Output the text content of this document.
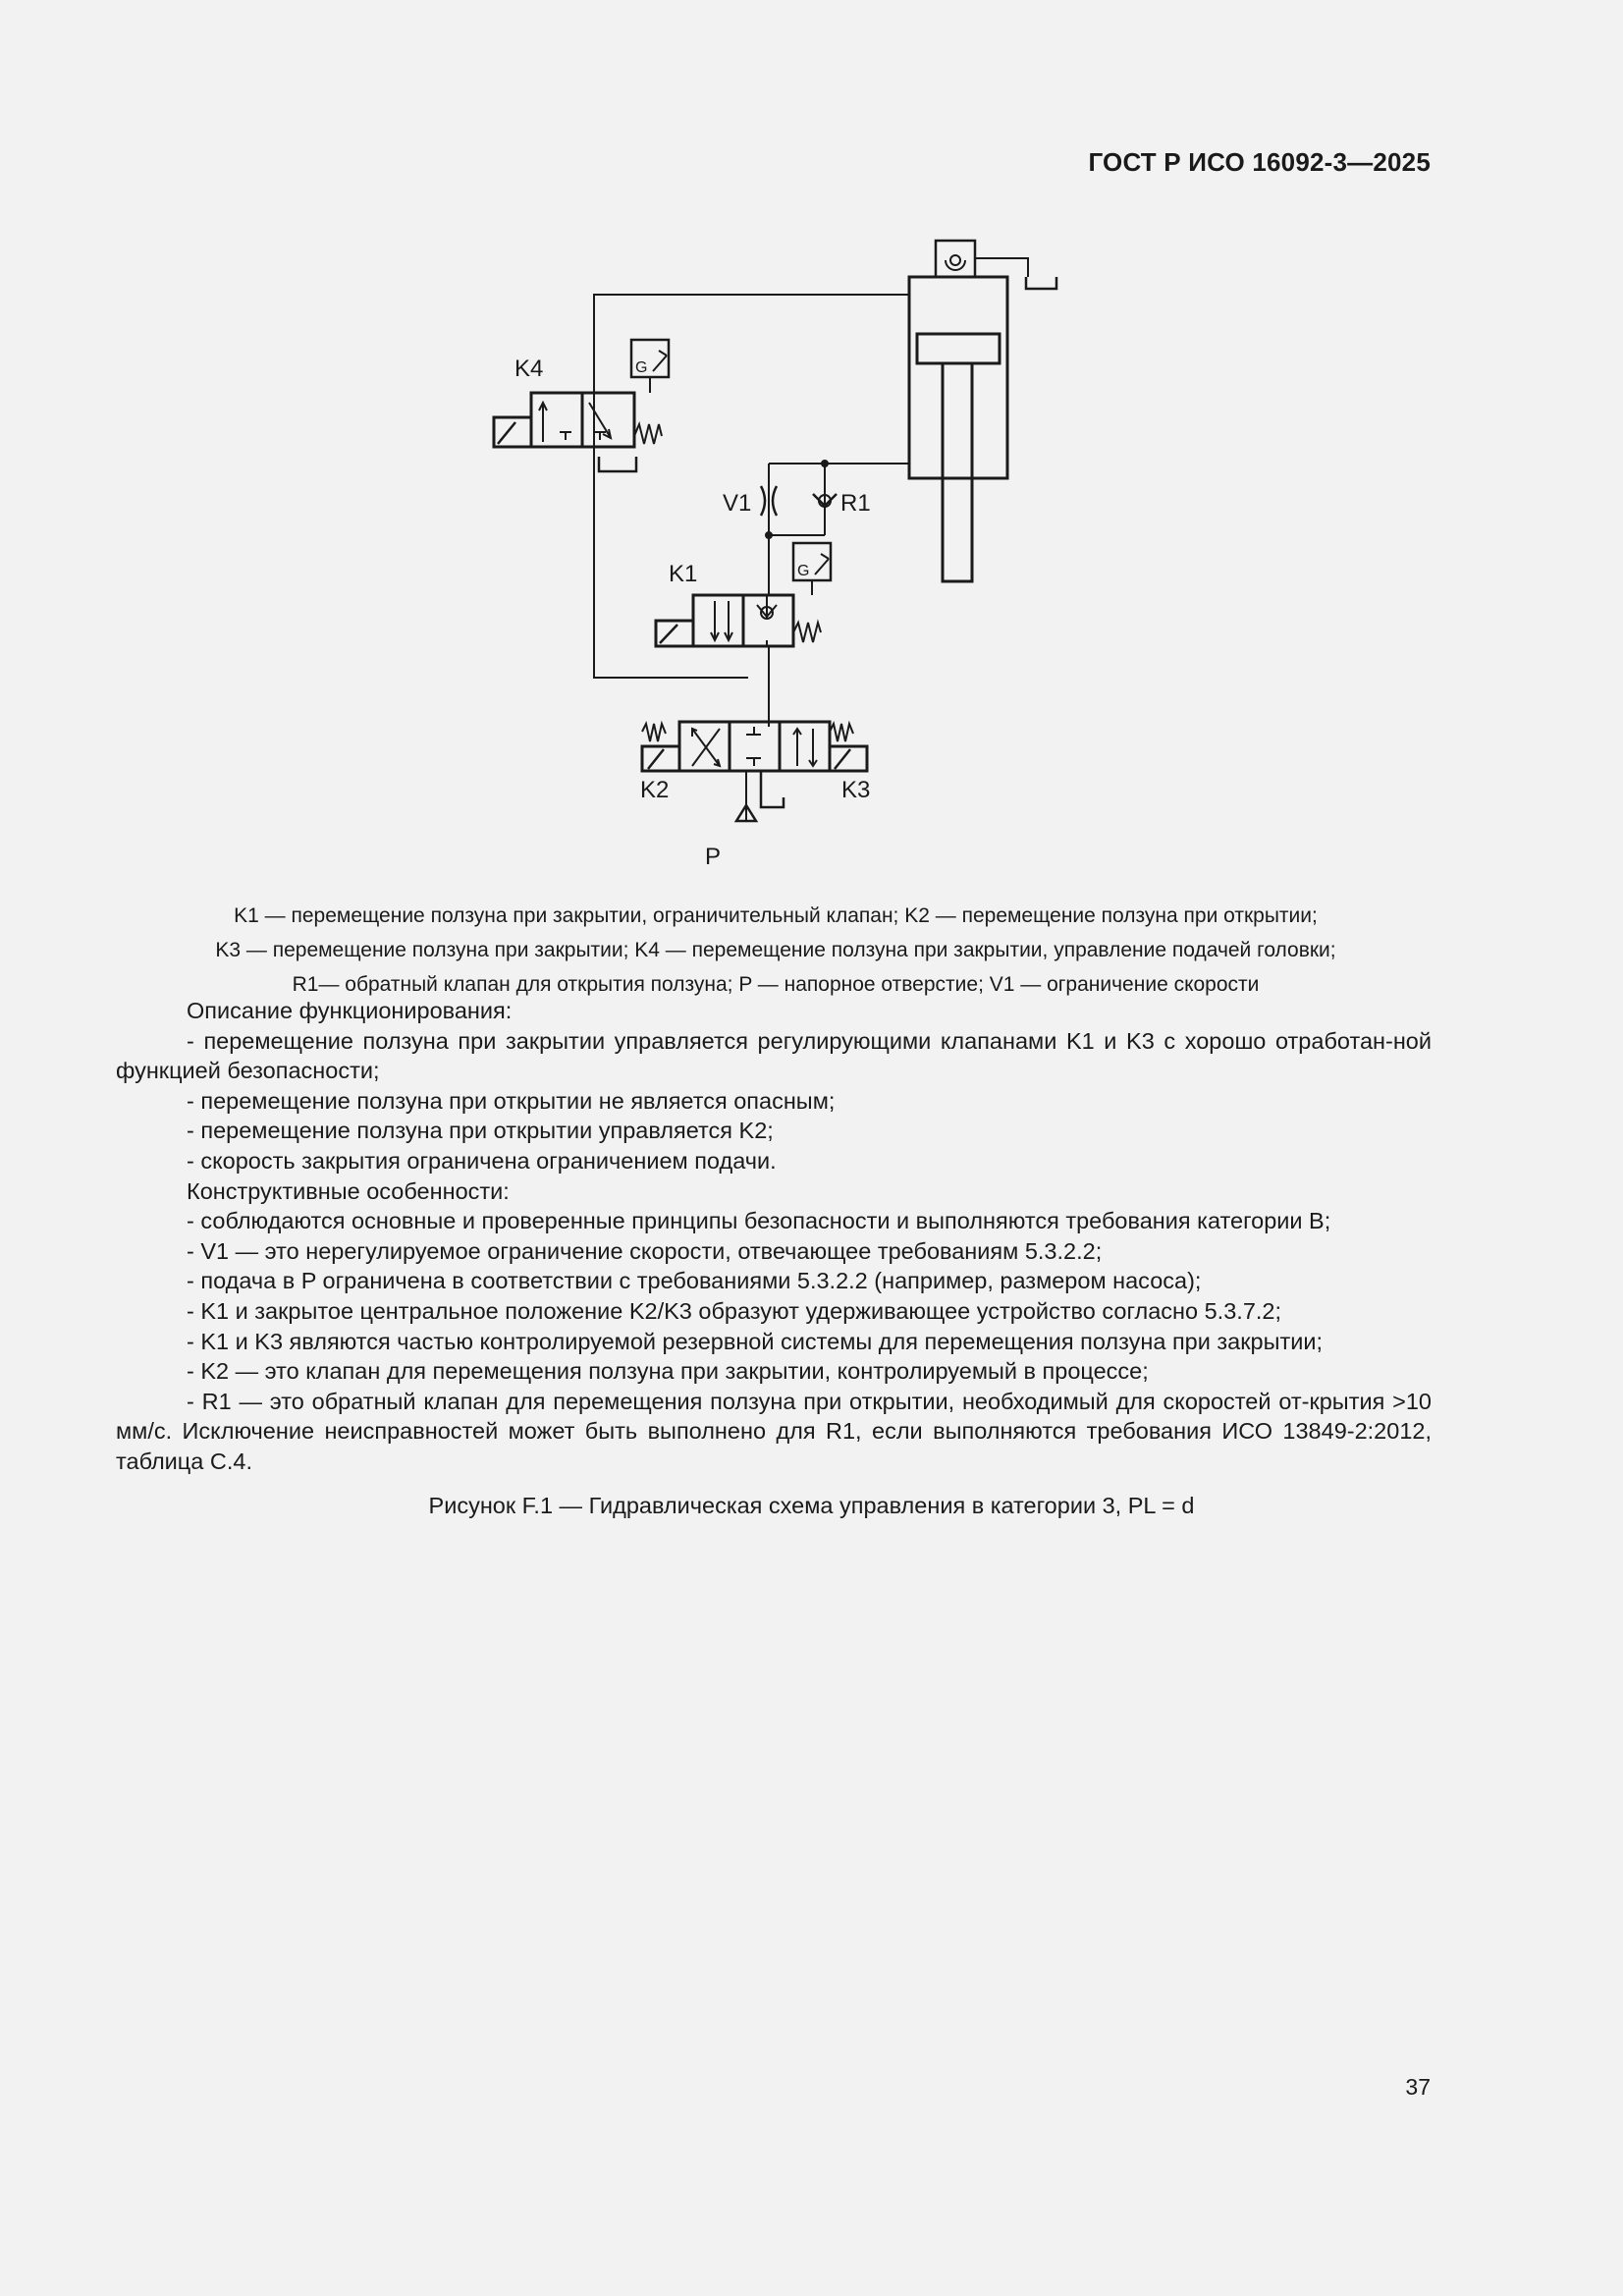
ГОСТ Р ИСО 16092-3—2025
K4
K1
K2	K3
V1	R1
P
G
G
K1 — перемещение ползуна при закрытии, ограничительный клапан; K2 — перемещение ползуна при открытии;
K3 — перемещение ползуна при закрытии; K4 — перемещение ползуна при закрытии, управление подачей головки;
R1— обратный клапан для открытия ползуна; P — напорное отверстие; V1 — ограничение скорости

Описание функционирования:

- перемещение ползуна при закрытии управляется регулирующими клапанами K1 и K3 с хорошо отработан-ной функцией безопасности;

- перемещение ползуна при открытии не является опасным;

- перемещение ползуна при открытии управляется K2;

- скорость закрытия ограничена ограничением подачи.

Конструктивные особенности:

- соблюдаются основные и проверенные принципы безопасности и выполняются требования категории В;

- V1 — это нерегулируемое ограничение скорости, отвечающее требованиям 5.3.2.2;

- подача в P ограничена в соответствии с требованиями 5.3.2.2 (например, размером насоса);

- K1 и закрытое центральное положение K2/K3 образуют удерживающее устройство согласно 5.3.7.2;

- K1 и K3 являются частью контролируемой резервной системы для перемещения ползуна при закрытии;

- K2 — это клапан для перемещения ползуна при закрытии, контролируемый в процессе;

- R1 — это обратный клапан для перемещения ползуна при открытии, необходимый для скоростей от-крытия >10 мм/с. Исключение неисправностей может быть выполнено для R1, если выполняются требования ИСО 13849-2:2012, таблица С.4.

Рисунок F.1 — Гидравлическая схема управления в категории 3, PL = d
37
